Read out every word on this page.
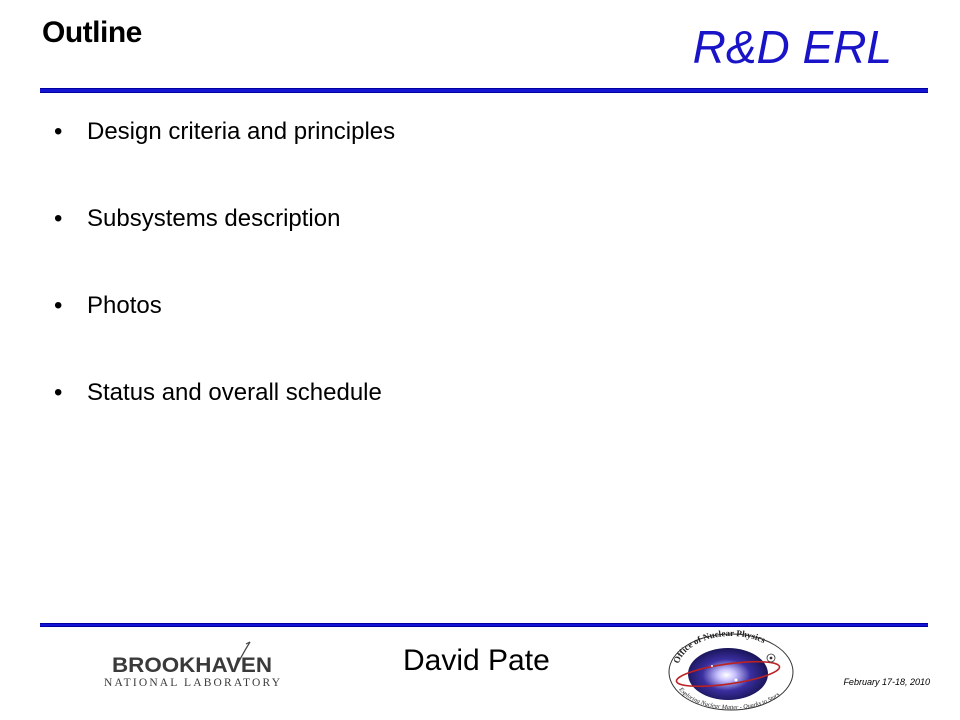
Outline	R&D ERL
•	Design criteria and principles
•	Subsystems description
•	Photos
•	Status and overall schedule
BROOKHAVEN
NATIONAL LABORATORY
David Pate	Office of Nuclear Physics
Exploring Nuclear Matter - Quarks to Stars
February 17-18, 2010
